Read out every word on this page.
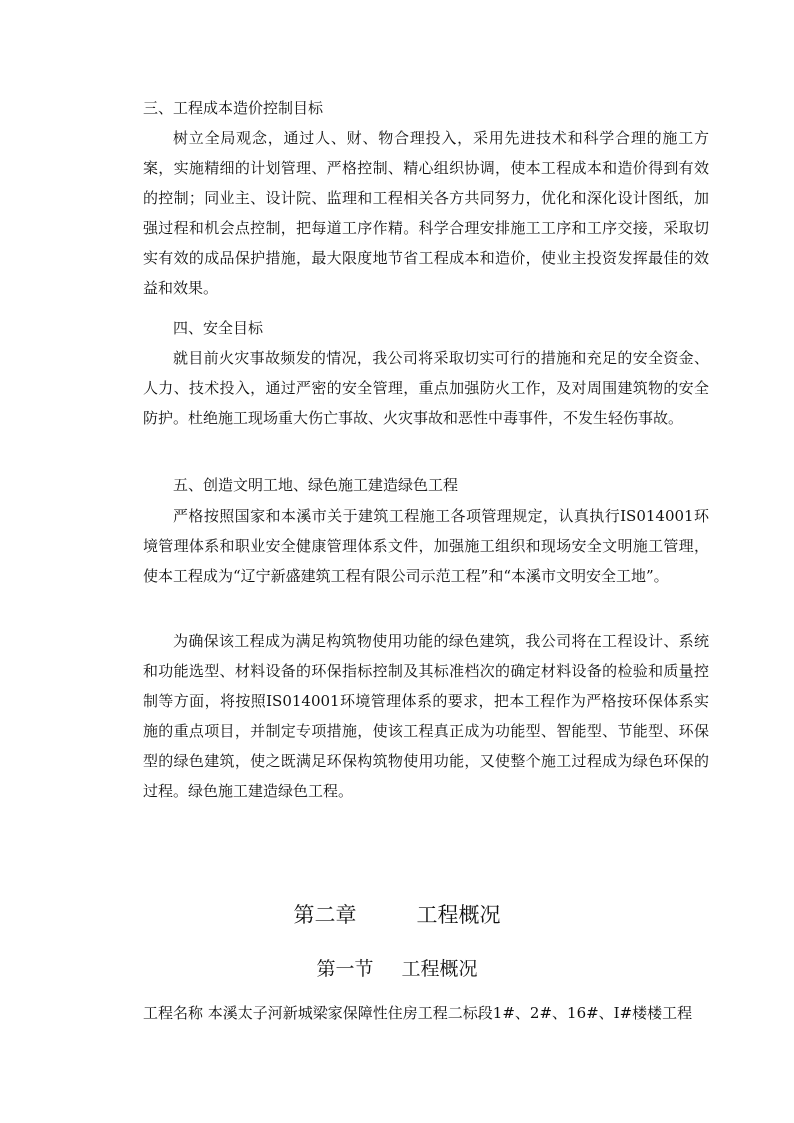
三、工程成本造价控制目标
树立全局观念，通过人、财、物合理投入，采用先进技术和科学合理的施工方案，实施精细的计划管理、严格控制、精心组织协调，使本工程成本和造价得到有效的控制；同业主、设计院、监理和工程相关各方共同努力，优化和深化设计图纸，加强过程和机会点控制，把每道工序作精。科学合理安排施工工序和工序交接，采取切实有效的成品保护措施，最大限度地节省工程成本和造价，使业主投资发挥最佳的效益和效果。
四、安全目标
就目前火灾事故频发的情况，我公司将采取切实可行的措施和充足的安全资金、人力、技术投入，通过严密的安全管理，重点加强防火工作，及对周围建筑物的安全防护。杜绝施工现场重大伤亡事故、火灾事故和恶性中毒事件，不发生轻伤事故。
五、创造文明工地、绿色施工建造绿色工程
严格按照国家和本溪市关于建筑工程施工各项管理规定，认真执行IS014001环境管理体系和职业安全健康管理体系文件，加强施工组织和现场安全文明施工管理，使本工程成为“辽宁新盛建筑工程有限公司示范工程”和“本溪市文明安全工地”。
为确保该工程成为满足构筑物使用功能的绿色建筑，我公司将在工程设计、系统和功能选型、材料设备的环保指标控制及其标准档次的确定材料设备的检验和质量控制等方面，将按照IS014001环境管理体系的要求，把本工程作为严格按环保体系实施的重点项目，并制定专项措施，使该工程真正成为功能型、智能型、节能型、环保型的绿色建筑，使之既满足环保构筑物使用功能，又使整个施工过程成为绿色环保的过程。绿色施工建造绿色工程。
第二章	工程概况
第一节 工程概况
工程名称 本溪太子河新城梁家保障性住房工程二标段1#、2#、16#、I#楼楼工程
